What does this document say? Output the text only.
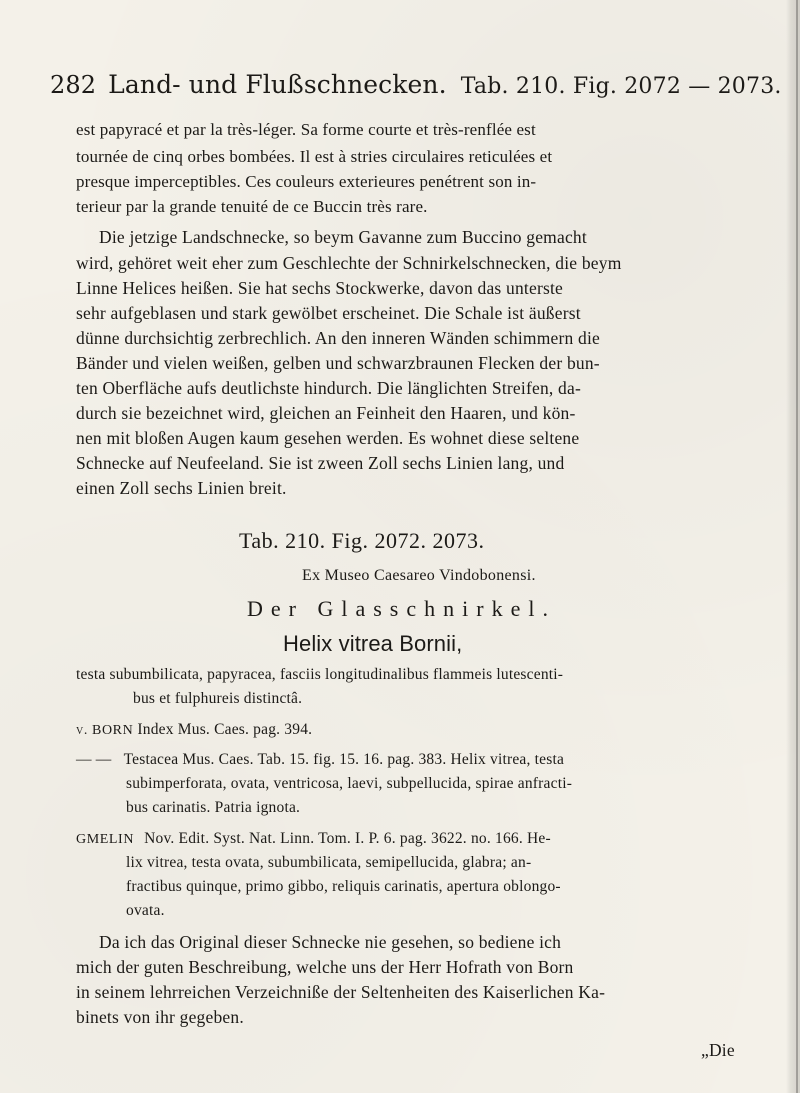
282 Land- und Flußschnecken. Tab. 210. Fig. 2072 — 2073.
est papyracé et par la très-léger. Sa forme courte et très-renflée est
tournée de cinq orbes bombées. Il est à stries circulaires reticulées et
presque imperceptibles. Ces couleurs exterieures penétrent son in-
terieur par la grande tenuité de ce Buccin très rare.
Die jetzige Landschnecke, so beym Gavanne zum Buccino gemacht
wird, gehöret weit eher zum Geschlechte der Schnirkelschnecken, die beym
Linne Helices heißen. Sie hat sechs Stockwerke, davon das unterste
sehr aufgeblasen und stark gewölbet erscheinet. Die Schale ist äußerst
dünne durchsichtig zerbrechlich. An den inneren Wänden schimmern die
Bänder und vielen weißen, gelben und schwarzbraunen Flecken der bun-
ten Oberfläche aufs deutlichste hindurch. Die länglichten Streifen, da-
durch sie bezeichnet wird, gleichen an Feinheit den Haaren, und kön-
nen mit bloßen Augen kaum gesehen werden. Es wohnet diese seltene
Schnecke auf Neufeeland. Sie ist zween Zoll sechs Linien lang, und
einen Zoll sechs Linien breit.
Tab. 210. Fig. 2072. 2073.
Ex Museo Caesareo Vindobonensi.
Der Glasschnirkel.
Helix vitrea Bornii,
testa subumbilicata, papyracea, fasciis longitudinalibus flammeis lutescenti-
bus et fulphureis distinctâ.
v. BORN Index Mus. Caes. pag. 394.
— — Testacea Mus. Caes. Tab. 15. fig. 15. 16. pag. 383. Helix vitrea, testa
subimperforata, ovata, ventricosa, laevi, subpellucida, spirae anfracti-
bus carinatis. Patria ignota.
GMELIN Nov. Edit. Syst. Nat. Linn. Tom. I. P. 6. pag. 3622. no. 166. He-
lix vitrea, testa ovata, subumbilicata, semipellucida, glabra; an-
fractibus quinque, primo gibbo, reliquis carinatis, apertura oblongo-
ovata.
Da ich das Original dieser Schnecke nie gesehen, so bediene ich
mich der guten Beschreibung, welche uns der Herr Hofrath von Born
in seinem lehrreichen Verzeichniße der Seltenheiten des Kaiserlichen Ka-
binets von ihr gegeben.
„Die
